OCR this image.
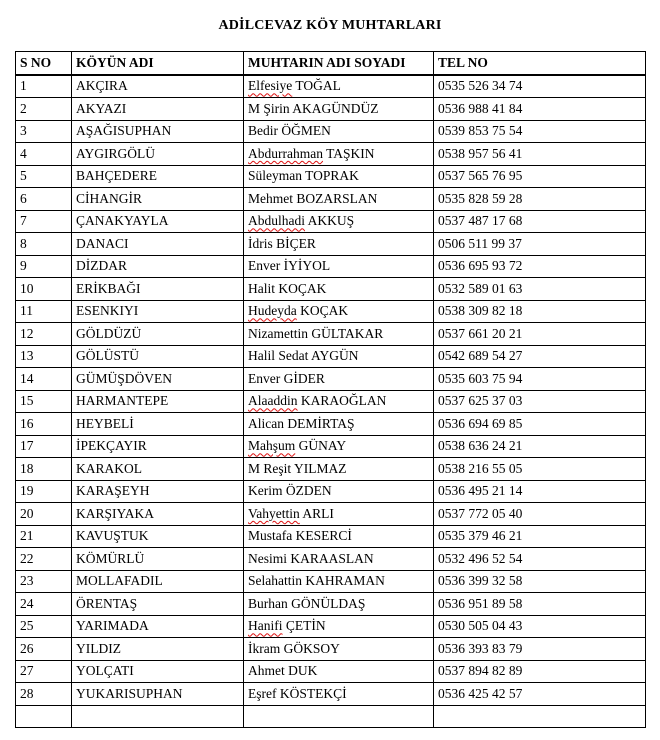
ADİLCEVAZ KÖY MUHTARLARI
S NO	KÖYÜN ADI	MUHTARIN ADI SOYADI	TEL NO
1	AKÇIRA	Elfesiye TOĞAL	0535 526 34 74
2	AKYAZI	M Şirin AKAGÜNDÜZ	0536 988 41 84
3	AŞAĞISUPHAN	Bedir ÖĞMEN	0539 853 75 54
4	AYGIRGÖLÜ	Abdurrahman TAŞKIN	0538 957 56 41
5	BAHÇEDERE	Süleyman TOPRAK	0537 565 76 95
6	CİHANGİR	Mehmet BOZARSLAN	0535 828 59 28
7	ÇANAKYAYLA	Abdulhadi AKKUŞ	0537 487 17 68
8	DANACI	İdris BİÇER	0506 511 99 37
9	DİZDAR	Enver İYİYOL	0536 695 93 72
10	ERİKBAĞI	Halit KOÇAK	0532 589 01 63
11	ESENKIYI	Hudeyda KOÇAK	0538 309 82 18
12	GÖLDÜZÜ	Nizamettin GÜLTAKAR	0537 661 20 21
13	GÖLÜSTÜ	Halil Sedat AYGÜN	0542 689 54 27
14	GÜMÜŞDÖVEN	Enver GİDER	0535 603 75 94
15	HARMANTEPE	Alaaddin KARAOĞLAN	0537 625 37 03
16	HEYBELİ	Alican DEMİRTAŞ	0536 694 69 85
17	İPEKÇAYIR	Mahşum GÜNAY	0538 636 24 21
18	KARAKOL	M Reşit YILMAZ	0538 216 55 05
19	KARAŞEYH	Kerim ÖZDEN	0536 495 21 14
20	KARŞIYAKA	Vahyettin ARLI	0537 772 05 40
21	KAVUŞTUK	Mustafa KESERCİ	0535 379 46 21
22	KÖMÜRLÜ	Nesimi KARAASLAN	0532 496 52 54
23	MOLLAFADIL	Selahattin KAHRAMAN	0536 399 32 58
24	ÖRENTAŞ	Burhan GÖNÜLDAŞ	0536 951 89 58
25	YARIMADA	Hanifi ÇETİN	0530 505 04 43
26	YILDIZ	İkram GÖKSOY	0536 393 83 79
27	YOLÇATI	Ahmet DUK	0537 894 82 89
28	YUKARISUPHAN	Eşref KÖSTEKÇİ	0536 425 42 57
